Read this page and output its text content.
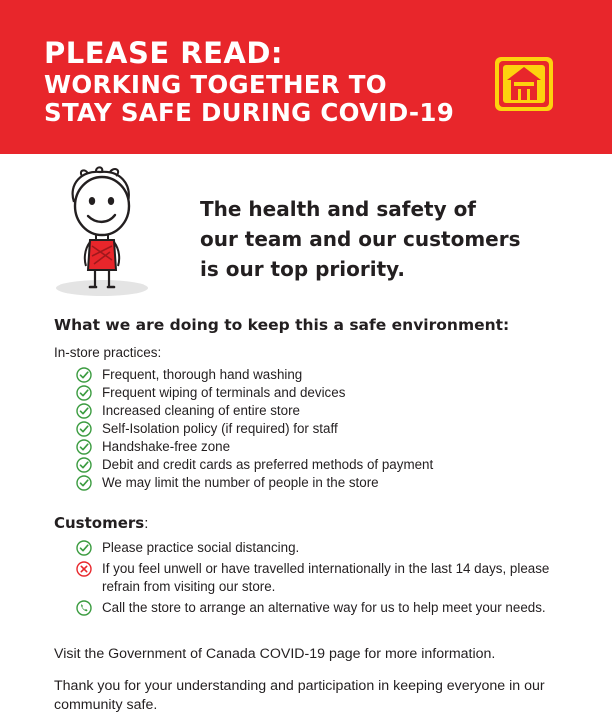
PLEASE READ:
WORKING TOGETHER TO
STAY SAFE DURING COVID-19
The health and safety of
our team and our customers
is our top priority.
What we are doing to keep this a safe environment:
In-store practices:
Frequent, thorough hand washing
Frequent wiping of terminals and devices
Increased cleaning of entire store
Self-Isolation policy (if required) for staff
Handshake-free zone
Debit and credit cards as preferred methods of payment
We may limit the number of people in the store
Customers:
Please practice social distancing.
If you feel unwell or have travelled internationally in the last 14 days, please refrain from visiting our store.
Call the store to arrange an alternative way for us to help meet your needs.
Visit the Government of Canada COVID-19 page for more information.
Thank you for your understanding and participation in keeping everyone in our community safe.
